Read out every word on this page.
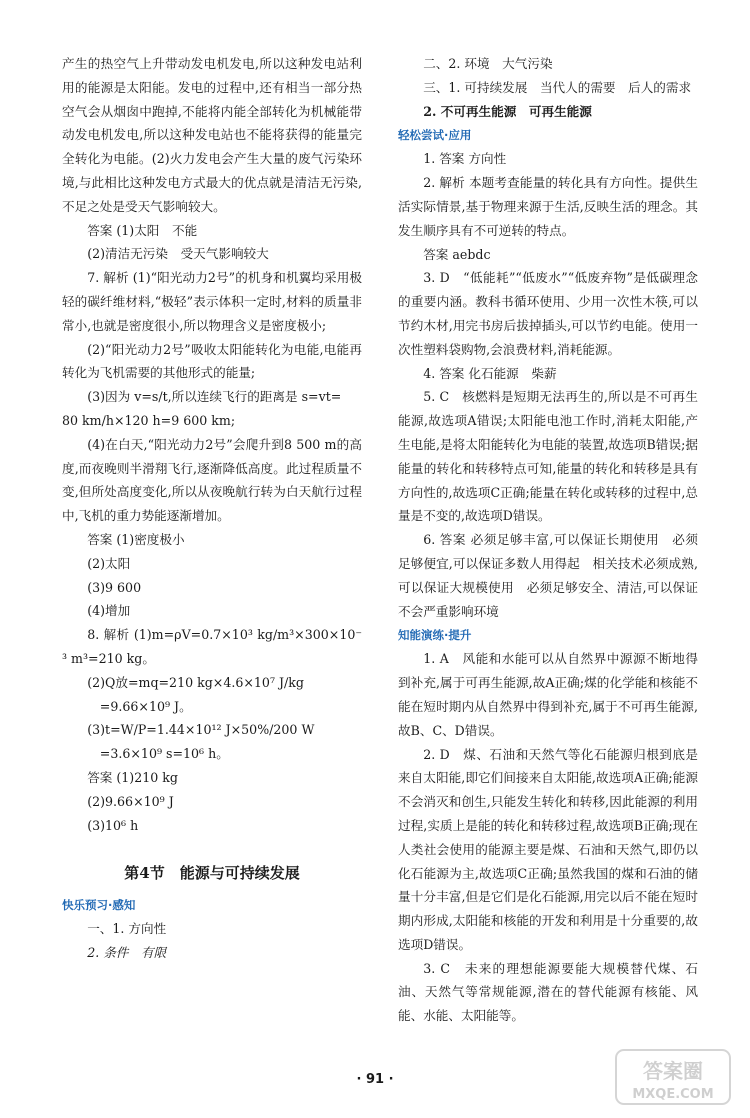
产生的热空气上升带动发电机发电,所以这种发电站利用的能源是太阳能。发电的过程中,还有相当一部分热空气会从烟囱中跑掉,不能将内能全部转化为机械能带动发电机发电,所以这种发电站也不能将获得的能量完全转化为电能。(2)火力发电会产生大量的废气污染环境,与此相比这种发电方式最大的优点就是清洁无污染,不足之处是受天气影响较大。

答案 (1)太阳　不能

(2)清洁无污染　受天气影响较大

7. 解析 (1)“阳光动力2号”的机身和机翼均采用极轻的碳纤维材料,“极轻”表示体积一定时,材料的质量非常小,也就是密度很小,所以物理含义是密度极小;

(2)“阳光动力2号”吸收太阳能转化为电能,电能再转化为飞机需要的其他形式的能量;

(3)因为 v=s/t,所以连续飞行的距离是 s=vt=

80 km/h×120 h=9 600 km;

(4)在白天,“阳光动力2号”会爬升到8 500 m的高度,而夜晚则半滑翔飞行,逐渐降低高度。此过程质量不变,但所处高度变化,所以从夜晚航行转为白天航行过程中,飞机的重力势能逐渐增加。

答案 (1)密度极小

(2)太阳

(3)9 600

(4)增加

8. 解析 (1)m=ρV=0.7×10³ kg/m³×300×10⁻³ m³=210 kg。

(2)Q放=mq=210 kg×4.6×10⁷ J/kg

=9.66×10⁹ J。

(3)t=W/P=1.44×10¹² J×50%/200 W

=3.6×10⁹ s=10⁶ h。

答案 (1)210 kg

(2)9.66×10⁹ J

(3)10⁶ h

第4节　能源与可持续发展

快乐预习·感知

一、1. 方向性

2. 条件　有限

二、2. 环境　大气污染

三、1. 可持续发展　当代人的需要　后人的需求

2. 不可再生能源　可再生能源

轻松尝试·应用

1. 答案 方向性

2. 解析 本题考查能量的转化具有方向性。提供生活实际情景,基于物理来源于生活,反映生活的理念。其发生顺序具有不可逆转的特点。

答案 aebdc

3. D　“低能耗”“低废水”“低废弃物”是低碳理念的重要内涵。教科书循环使用、少用一次性木筷,可以节约木材,用完书房后拔掉插头,可以节约电能。使用一次性塑料袋购物,会浪费材料,消耗能源。

4. 答案 化石能源　柴薪

5. C　核燃料是短期无法再生的,所以是不可再生能源,故选项A错误;太阳能电池工作时,消耗太阳能,产生电能,是将太阳能转化为电能的装置,故选项B错误;据能量的转化和转移特点可知,能量的转化和转移是具有方向性的,故选项C正确;能量在转化或转移的过程中,总量是不变的,故选项D错误。

6. 答案 必须足够丰富,可以保证长期使用　必须足够便宜,可以保证多数人用得起　相关技术必须成熟,可以保证大规模使用　必须足够安全、清洁,可以保证不会严重影响环境

知能演练·提升

1. A　风能和水能可以从自然界中源源不断地得到补充,属于可再生能源,故A正确;煤的化学能和核能不能在短时期内从自然界中得到补充,属于不可再生能源,故B、C、D错误。

2. D　煤、石油和天然气等化石能源归根到底是来自太阳能,即它们间接来自太阳能,故选项A正确;能源不会消灭和创生,只能发生转化和转移,因此能源的利用过程,实质上是能的转化和转移过程,故选项B正确;现在人类社会使用的能源主要是煤、石油和天然气,即仍以化石能源为主,故选项C正确;虽然我国的煤和石油的储量十分丰富,但是它们是化石能源,用完以后不能在短时期内形成,太阳能和核能的开发和利用是十分重要的,故选项D错误。

3. C　未来的理想能源要能大规模替代煤、石油、天然气等常规能源,潜在的替代能源有核能、风能、水能、太阳能等。

· 91 ·	答案圈
MXQE.COM
